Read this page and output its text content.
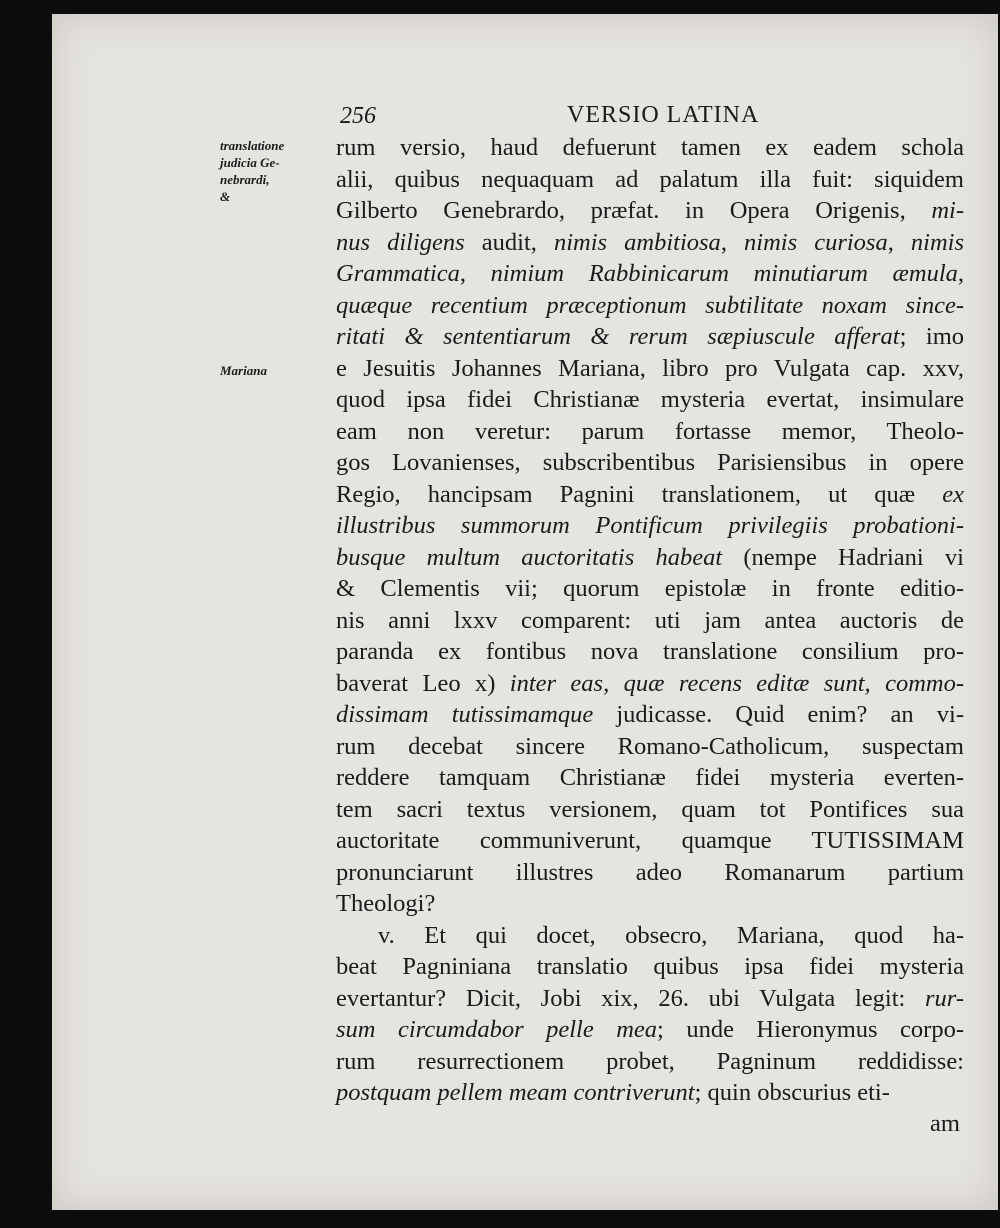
256	VERSIO LATINA
translatione
judicia Ge-
nebrardi,
&
Mariana
rum versio, haud defuerunt tamen ex eadem schola
alii, quibus nequaquam ad palatum illa fuit: siquidem
Gilberto Genebrardo, præfat. in Opera Origenis, mi-
nus diligens audit, nimis ambitiosa, nimis curiosa, nimis
Grammatica, nimium Rabbinicarum minutiarum æmula,
quæque recentium præceptionum subtilitate noxam since-
ritati & sententiarum & rerum sæpiuscule afferat; imo
e Jesuitis Johannes Mariana, libro pro Vulgata cap. xxv,
quod ipsa fidei Christianæ mysteria evertat, insimulare
eam non veretur: parum fortasse memor, Theolo-
gos Lovanienses, subscribentibus Parisiensibus in opere
Regio, hancipsam Pagnini translationem, ut quæ ex
illustribus summorum Pontificum privilegiis probationi-
busque multum auctoritatis habeat (nempe Hadriani vi
& Clementis vii; quorum epistolæ in fronte editio-
nis anni lxxv comparent: uti jam antea auctoris de
paranda ex fontibus nova translatione consilium pro-
baverat Leo x) inter eas, quæ recens editæ sunt, commo-
dissimam tutissimamque judicasse. Quid enim? an vi-
rum decebat sincere Romano-Catholicum, suspectam
reddere tamquam Christianæ fidei mysteria everten-
tem sacri textus versionem, quam tot Pontifices sua
auctoritate communiverunt, quamque TUTISSIMAM
pronunciarunt illustres adeo Romanarum partium
Theologi?
v. Et qui docet, obsecro, Mariana, quod ha-
beat Pagniniana translatio quibus ipsa fidei mysteria
evertantur? Dicit, Jobi xix, 26. ubi Vulgata legit: rur-
sum circumdabor pelle mea; unde Hieronymus corpo-
rum resurrectionem probet, Pagninum reddidisse:
postquam pellem meam contriverunt; quin obscurius eti-
am
